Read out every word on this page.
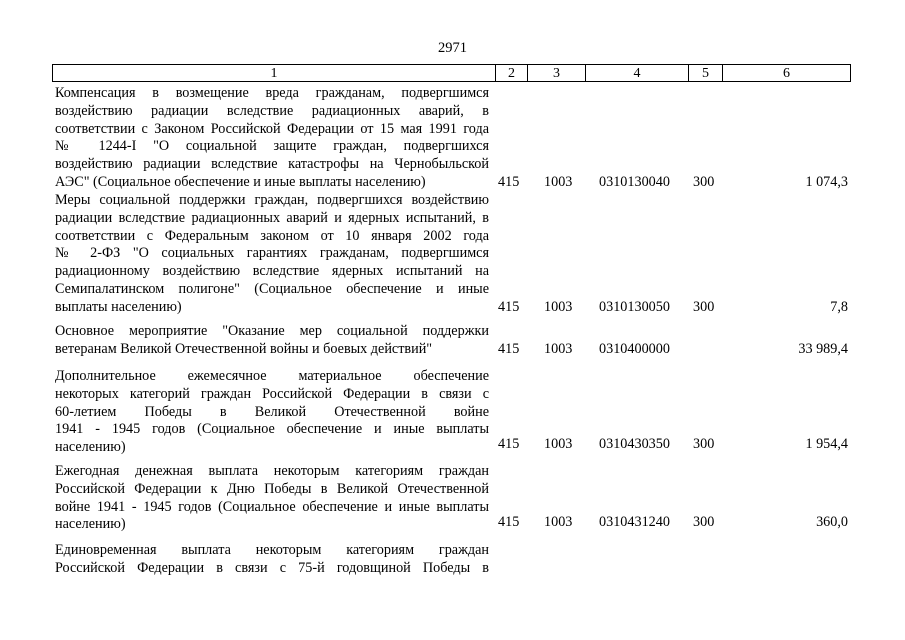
2971
1	2	3	4	5	6
Компенсация в возмещение вреда гражданам, подвергшимся
воздействию радиации вследствие радиационных аварий, в
соответствии с Законом Российской Федерации от 15 мая 1991 года
№ 1244-I "О социальной защите граждан, подвергшихся
воздействию радиации вследствие катастрофы на Чернобыльской
АЭС" (Социальное обеспечение и иные выплаты населению)	415 1003 0310130040 300	1 074,3
Меры социальной поддержки граждан, подвергшихся воздействию
радиации вследствие радиационных аварий и ядерных испытаний, в
соответствии с Федеральным законом от 10 января 2002 года
№ 2-ФЗ "О социальных гарантиях гражданам, подвергшимся
радиационному воздействию вследствие ядерных испытаний на
Семипалатинском полигоне" (Социальное обеспечение и иные
выплаты населению)	415 1003 0310130050 300	7,8
Основное мероприятие "Оказание мер социальной поддержки
ветеранам Великой Отечественной войны и боевых действий"	415 1003 0310400000	33 989,4
Дополнительное ежемесячное материальное обеспечение
некоторых категорий граждан Российской Федерации в связи с
60-летием Победы в Великой Отечественной войне
1941 - 1945 годов (Социальное обеспечение и иные выплаты
населению)	415 1003 0310430350 300	1 954,4
Ежегодная денежная выплата некоторым категориям граждан
Российской Федерации к Дню Победы в Великой Отечественной
войне 1941 - 1945 годов (Социальное обеспечение и иные выплаты
населению)	415 1003 0310431240 300	360,0
Единовременная выплата некоторым категориям граждан
Российской Федерации в связи с 75-й годовщиной Победы в
